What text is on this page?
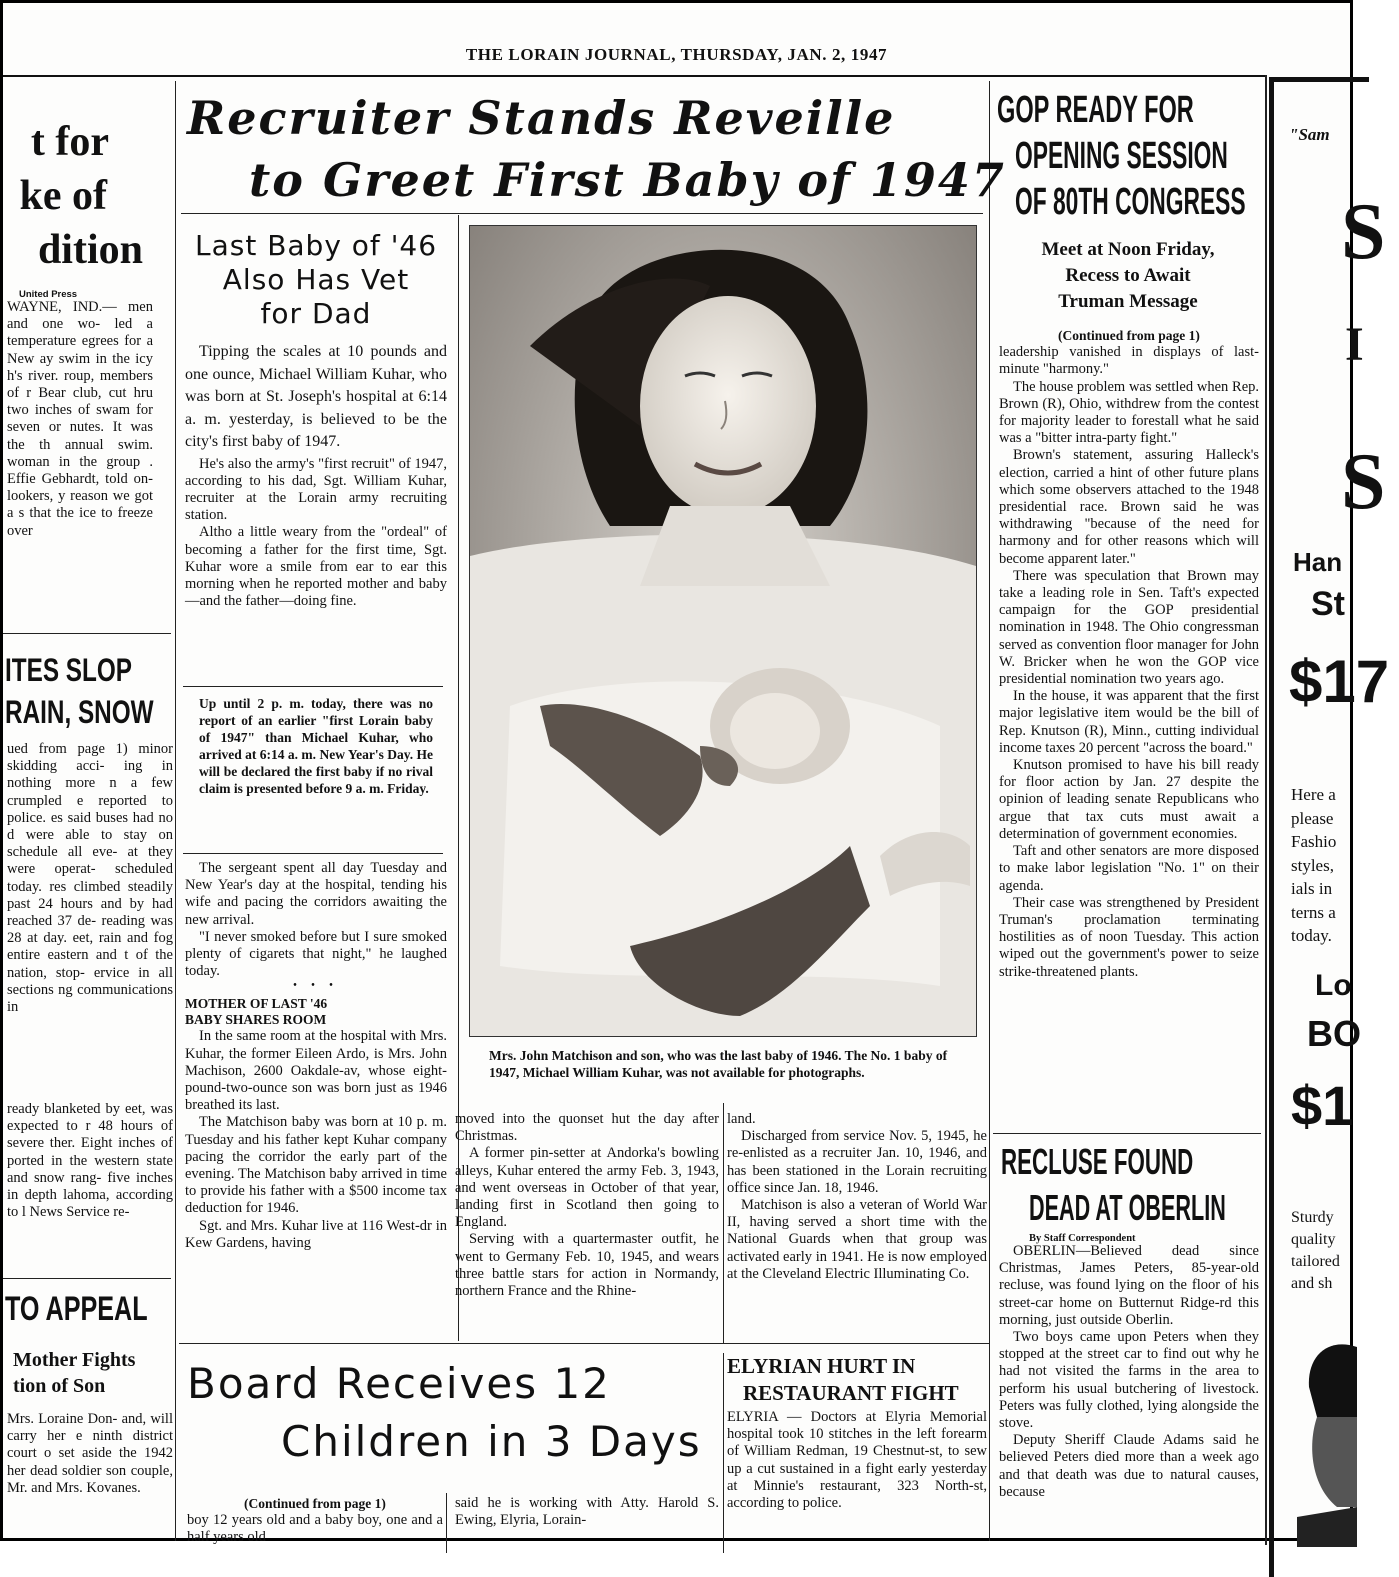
THE LORAIN JOURNAL, THURSDAY, JAN. 2, 1947
t for
ke of
dition
United Press
WAYNE, IND.— men and one wo- led a temperature egrees for a New ay swim in the icy h's river. roup, members of r Bear club, cut hru two inches of swam for seven or nutes. It was the th annual swim. woman in the group . Effie Gebhardt, told on-lookers, y reason we got a s that the ice to freeze over
ITES SLOP
RAIN, SNOW
ued from page 1) minor skidding acci- ing in nothing more n a few crumpled e reported to police. es said buses had no d were able to stay on schedule all eve- at they were operat- scheduled today. res climbed steadily past 24 hours and by had reached 37 de- reading was 28 at day. eet, rain and fog entire eastern and t of the nation, stop- ervice in all sections ng communications in
ready blanketed by eet, was expected to r 48 hours of severe ther. Eight inches of ported in the western state and snow rang- five inches in depth lahoma, according to l News Service re-
TO APPEAL
Mother Fights
tion of Son
Mrs. Loraine Don- and, will carry her e ninth district court o set aside the 1942 her dead soldier son couple, Mr. and Mrs. Kovanes.
Recruiter Stands Reveille
to Greet First Baby of 1947
Last Baby of '46
Also Has Vet
for Dad

Tipping the scales at 10 pounds and one ounce, Michael William Kuhar, who was born at St. Joseph's hospital at 6:14 a. m. yesterday, is believed to be the city's first baby of 1947.

He's also the army's "first recruit" of 1947, according to his dad, Sgt. William Kuhar, recruiter at the Lorain army recruiting station.

Altho a little weary from the "ordeal" of becoming a father for the first time, Sgt. Kuhar wore a smile from ear to ear this morning when he reported mother and baby—and the father—doing fine.

Up until 2 p. m. today, there was no report of an earlier "first Lorain baby of 1947" than Michael Kuhar, who arrived at 6:14 a. m. New Year's Day. He will be declared the first baby if no rival claim is presented before 9 a. m. Friday.

The sergeant spent all day Tuesday and New Year's day at the hospital, tending his wife and pacing the corridors awaiting the new arrival.

"I never smoked before but I sure smoked plenty of cigarets that night," he laughed today.

• • •
MOTHER OF LAST '46
BABY SHARES ROOM

In the same room at the hospital with Mrs. Kuhar, the former Eileen Ardo, is Mrs. John Machison, 2600 Oakdale-av, whose eight-pound-two-ounce son was born just as 1946 breathed its last.

The Matchison baby was born at 10 p. m. Tuesday and his father kept Kuhar company pacing the corridor the early part of the evening. The Matchison baby arrived in time to provide his father with a $500 income tax deduction for 1946.

Sgt. and Mrs. Kuhar live at 116 West-dr in Kew Gardens, having

Mrs. John Matchison and son, who was the last baby of 1946. The No. 1 baby of 1947, Michael William Kuhar, was not available for photographs.

moved into the quonset hut the day after Christmas.

A former pin-setter at Andorka's bowling alleys, Kuhar entered the army Feb. 3, 1943, and went overseas in October of that year, landing first in Scotland then going to England.

Serving with a quartermaster outfit, he went to Germany Feb. 10, 1945, and wears three battle stars for action in Normandy, northern France and the Rhine-

land.

Discharged from service Nov. 5, 1945, he re-enlisted as a recruiter Jan. 10, 1946, and has been stationed in the Lorain recruiting office since Jan. 18, 1946.

Matchison is also a veteran of World War II, having served a short time with the National Guards when that group was activated early in 1941. He is now employed at the Cleveland Electric Illuminating Co.

Board Receives 12
Children in 3 Days
(Continued from page 1)
boy 12 years old and a baby boy, one and a half years old
said he is working with Atty. Harold S. Ewing, Elyria, Lorain-
ELYRIAN HURT IN
RESTAURANT FIGHT
ELYRIA — Doctors at Elyria Memorial hospital took 10 stitches in the left forearm of William Redman, 19 Chestnut-st, to sew up a cut sustained in a fight early yesterday at Minnie's restaurant, 323 North-st, according to police.
GOP READY FOR
OPENING SESSION
OF 80TH CONGRESS
Meet at Noon Friday,
Recess to Await
Truman Message
(Continued from page 1)

leadership vanished in displays of last-minute "harmony."

The house problem was settled when Rep. Brown (R), Ohio, withdrew from the contest for majority leader to forestall what he said was a "bitter intra-party fight."

Brown's statement, assuring Halleck's election, carried a hint of other future plans which some observers attached to the 1948 presidential race. Brown said he was withdrawing "because of the need for harmony and for other reasons which will become apparent later."

There was speculation that Brown may take a leading role in Sen. Taft's expected campaign for the GOP presidential nomination in 1948. The Ohio congressman served as convention floor manager for John W. Bricker when he won the GOP vice presidential nomination two years ago.

In the house, it was apparent that the first major legislative item would be the bill of Rep. Knutson (R), Minn., cutting individual income taxes 20 percent "across the board."

Knutson promised to have his bill ready for floor action by Jan. 27 despite the opinion of leading senate Republicans who argue that tax cuts must await a determination of government economies.

Taft and other senators are more disposed to make labor legislation "No. 1" on their agenda.

Their case was strengthened by President Truman's proclamation terminating hostilities as of noon Tuesday. This action wiped out the government's power to seize strike-threatened plants.

RECLUSE FOUND
DEAD AT OBERLIN
By Staff Correspondent

OBERLIN—Believed dead since Christmas, James Peters, 85-year-old recluse, was found lying on the floor of his street-car home on Butternut Ridge-rd this morning, just outside Oberlin.

Two boys came upon Peters when they stopped at the street car to find out why he had not visited the farms in the area to perform his usual butchering of livestock. Peters was fully clothed, lying alongside the stove.

Deputy Sheriff Claude Adams said he believed Peters died more than a week ago and that death was due to natural causes, because

"Sam
S
I
S
Han
St
$17
Here a
please
Fashio
styles,
ials in
terns a
today.
Lo
BO
$1
Sturdy
quality
tailored
and sh
